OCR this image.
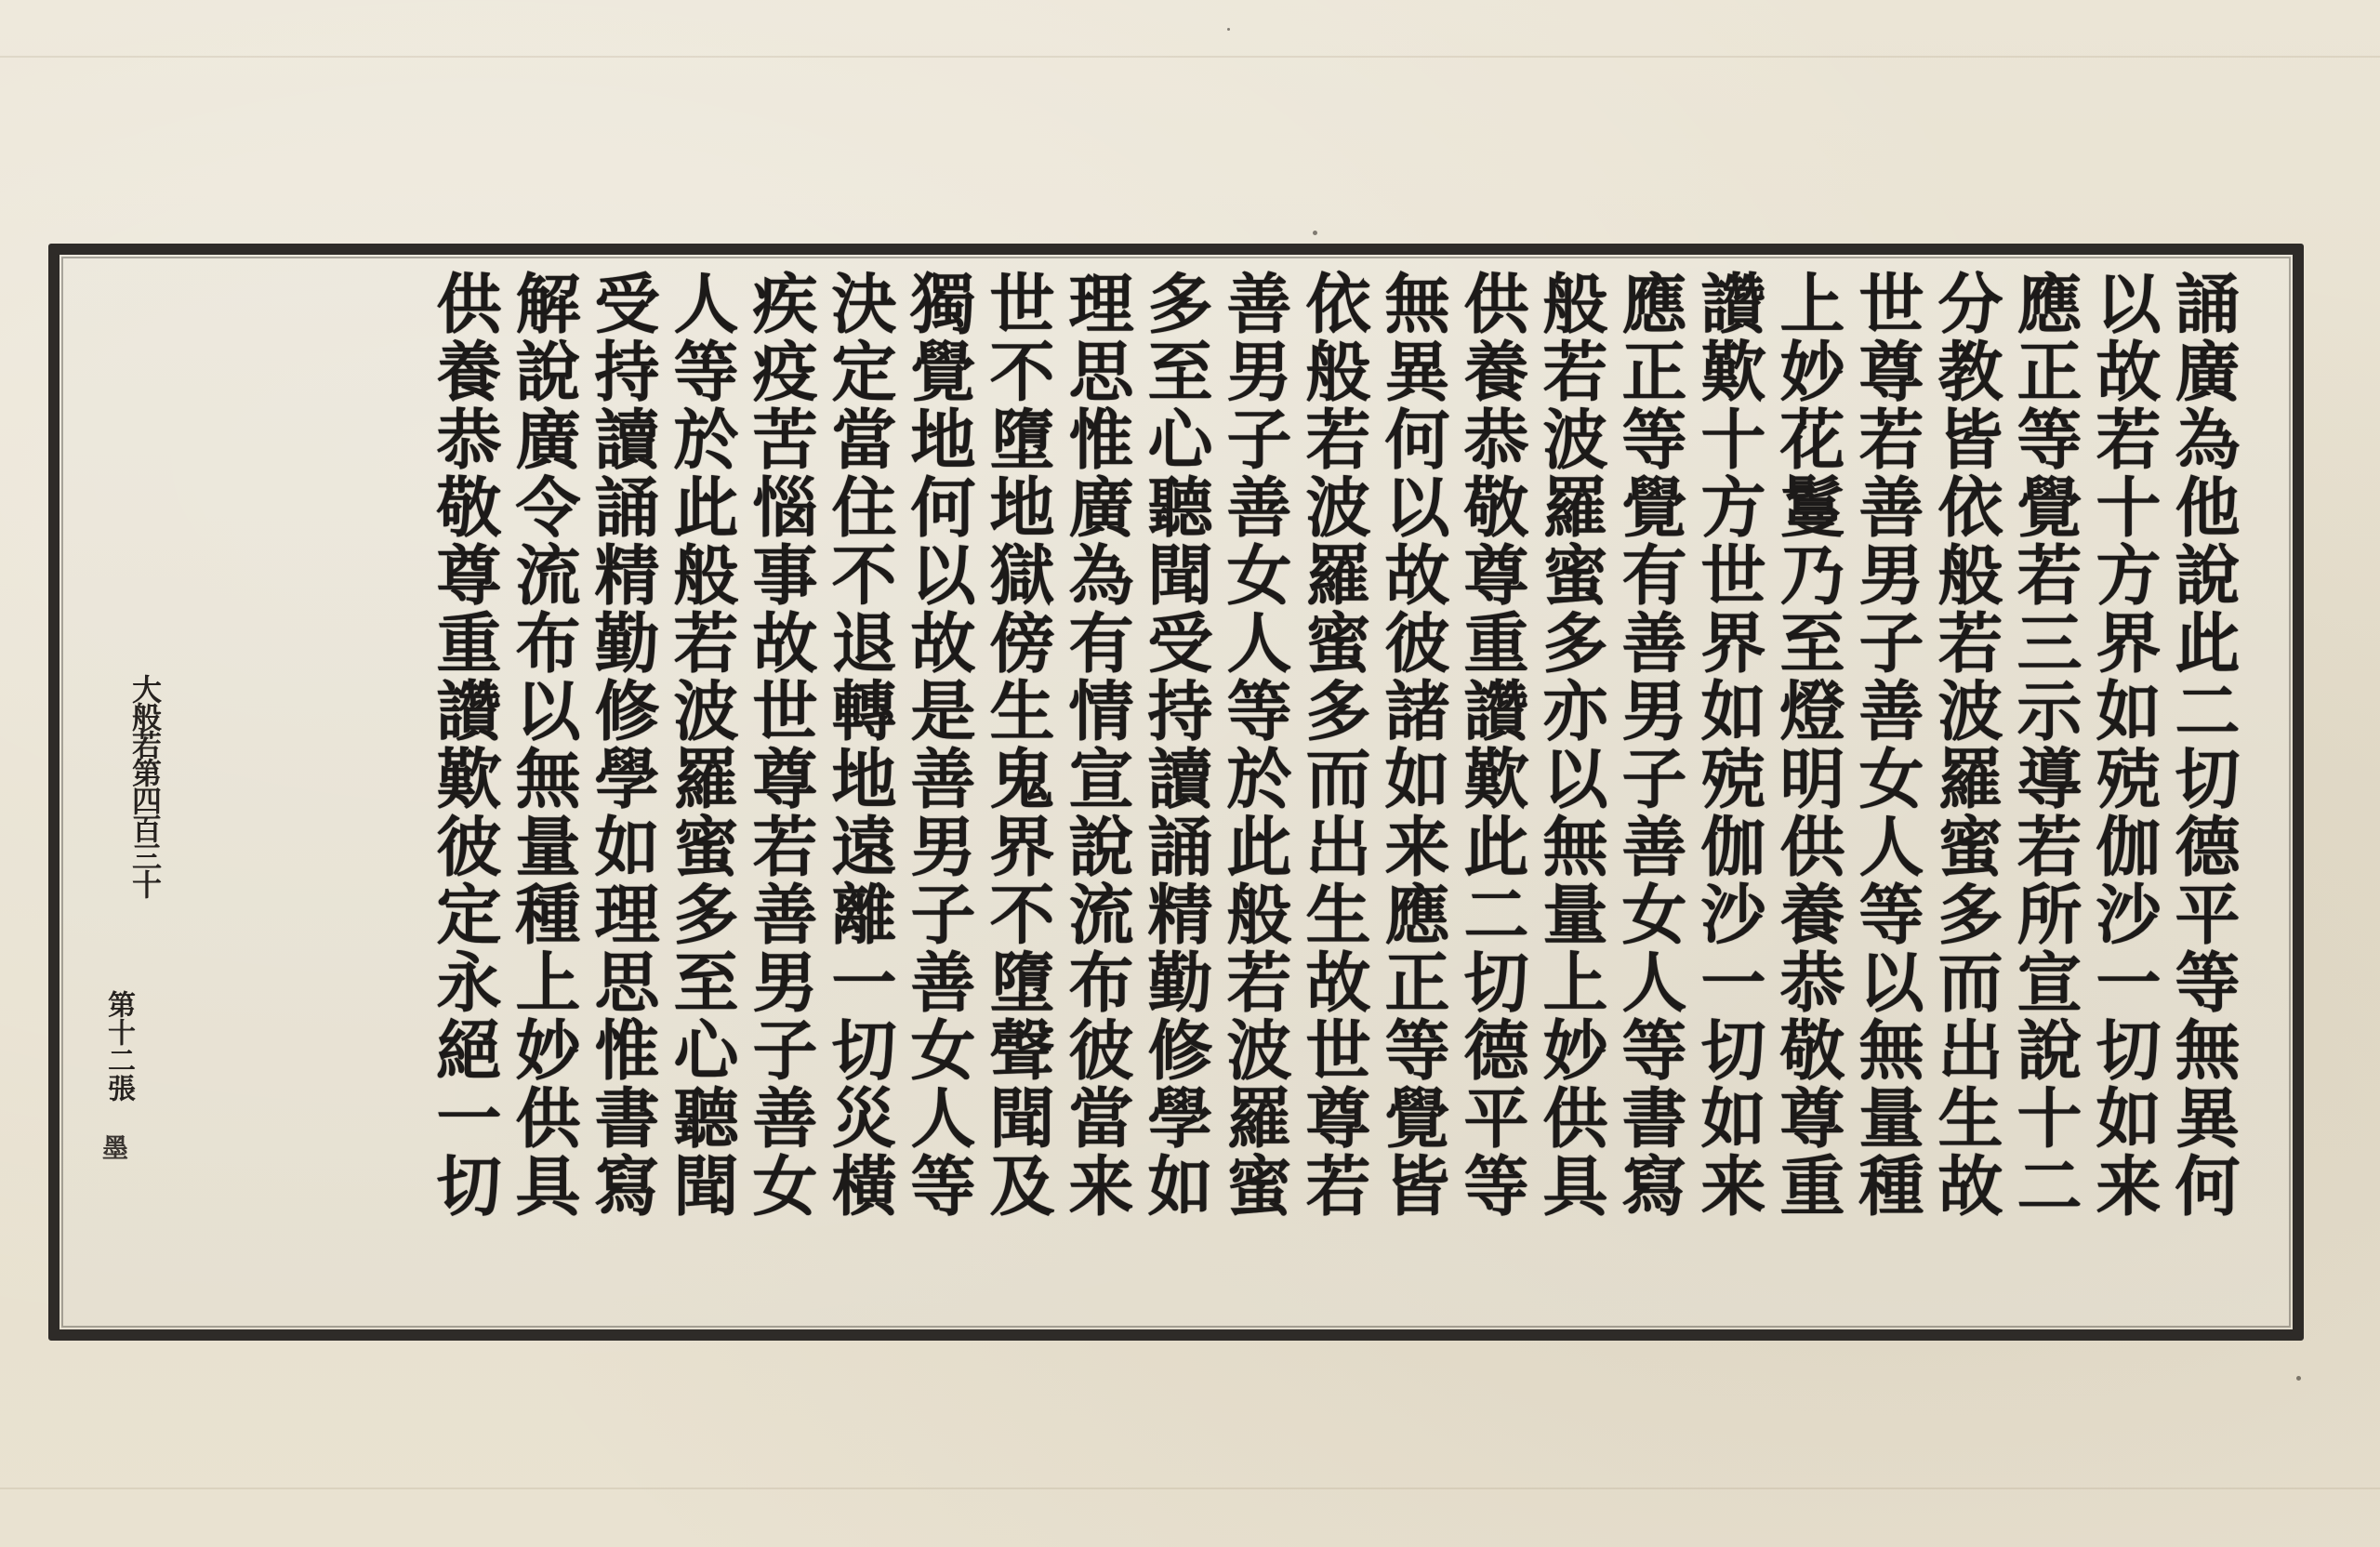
誦廣為他說此二切德平等無異何
以故若十方界如殑伽沙一切如来
應正等覺若三示導若所宣說十二
分教皆依般若波羅蜜多而出生故
世尊若善男子善女人等以無量種
上妙花鬘乃至燈明供養恭敬尊重
讚歎十方世界如殑伽沙一切如来
應正等覺有善男子善女人等書寫
般若波羅蜜多亦以無量上妙供具
供養恭敬尊重讚歎此二切德平等
無異何以故彼諸如来應正等覺皆
依般若波羅蜜多而出生故世尊若
善男子善女人等於此般若波羅蜜
多至心聽聞受持讀誦精勤修學如
理思惟廣為有情宣說流布彼當来
世不墮地獄傍生鬼界不墮聲聞及
獨覺地何以故是善男子善女人等
決定當住不退轉地遠離一切災橫
疾疫苦惱事故世尊若善男子善女
人等於此般若波羅蜜多至心聽聞
受持讀誦精勤修學如理思惟書寫
解說廣令流布以無量種上妙供具
供養恭敬尊重讚歎彼定永絕一切
大般若第四百三十
第十二張
墨
